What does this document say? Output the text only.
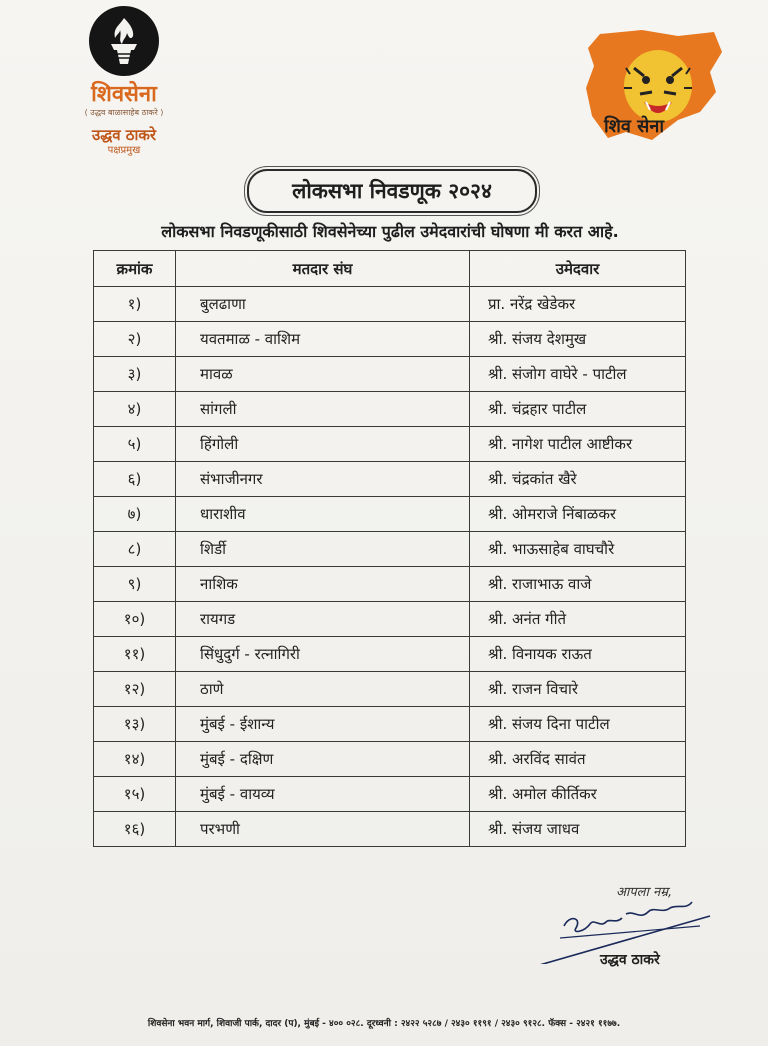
शिवसेना
( उद्धव बाळासाहेब ठाकरे )
उद्धव ठाकरे
पक्षप्रमुख
शिव सेना
लोकसभा निवडणूक २०२४
लोकसभा निवडणूकीसाठी शिवसेनेच्या पुढील उमेदवारांची घोषणा मी करत आहे.
क्रमांक	मतदार संघ	उमेदवार
१)	बुलढाणा	प्रा. नरेंद्र खेडेकर
२)	यवतमाळ - वाशिम	श्री. संजय देशमुख
३)	मावळ	श्री. संजोग वाघेरे - पाटील
४)	सांगली	श्री. चंद्रहार पाटील
५)	हिंगोली	श्री. नागेश पाटील आष्टीकर
६)	संभाजीनगर	श्री. चंद्रकांत खैरे
७)	धाराशीव	श्री. ओमराजे निंबाळकर
८)	शिर्डी	श्री. भाऊसाहेब वाघचौरे
९)	नाशिक	श्री. राजाभाऊ वाजे
१०)	रायगड	श्री. अनंत गीते
११)	सिंधुदुर्ग - रत्नागिरी	श्री. विनायक राऊत
१२)	ठाणे	श्री. राजन विचारे
१३)	मुंबई - ईशान्य	श्री. संजय दिना पाटील
१४)	मुंबई - दक्षिण	श्री. अरविंद सावंत
१५)	मुंबई - वायव्य	श्री. अमोल कीर्तिकर
१६)	परभणी	श्री. संजय जाधव
आपला नम्र,
उद्धव ठाकरे
शिवसेना भवन मार्ग, शिवाजी पार्क, दादर (प), मुंबई - ४०० ०२८. दूरध्वनी : २४२२ ५२८७ / २४३० ११९१ / २४३० ९१२८. फॅक्स - २४२१ ११७७.
